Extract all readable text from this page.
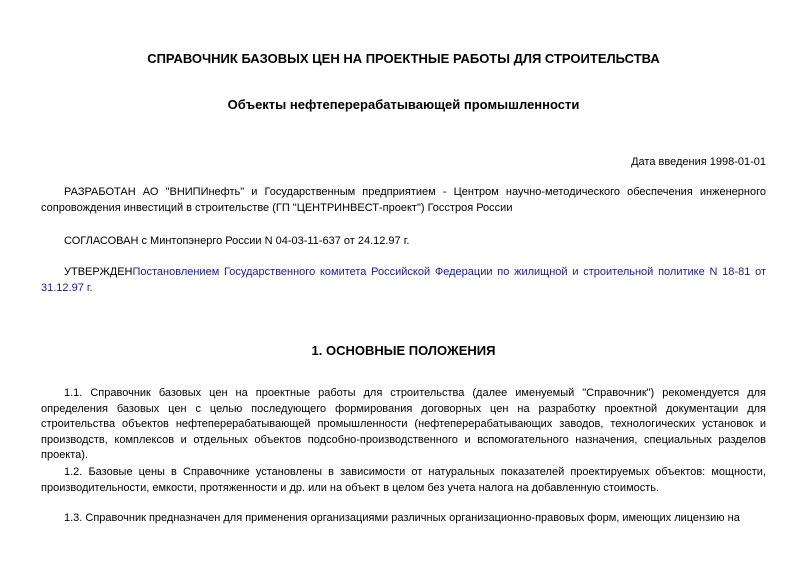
СПРАВОЧНИК БАЗОВЫХ ЦЕН НА ПРОЕКТНЫЕ РАБОТЫ ДЛЯ СТРОИТЕЛЬСТВА
Объекты нефтеперерабатывающей промышленности
Дата введения 1998-01-01
РАЗРАБОТАН АО "ВНИПИнефть" и Государственным предприятием - Центром научно-методического обеспечения инженерного сопровождения инвестиций в строительстве (ГП "ЦЕНТРИНВЕСТ-проект") Госстроя России
СОГЛАСОВАН с Минтопэнерго России N 04-03-11-637 от 24.12.97 г.
УТВЕРЖДЕНПостановлением Государственного комитета Российской Федерации по жилищной и строительной политике N 18-81 от 31.12.97 г.
1. ОСНОВНЫЕ ПОЛОЖЕНИЯ
1.1. Справочник базовых цен на проектные работы для строительства (далее именуемый "Справочник") рекомендуется для определения базовых цен с целью последующего формирования договорных цен на разработку проектной документации для строительства объектов нефтеперерабатывающей промышленности (нефтеперерабатывающих заводов, технологических установок и производств, комплексов и отдельных объектов подсобно-производственного и вспомогательного назначения, специальных разделов проекта).
1.2. Базовые цены в Справочнике установлены в зависимости от натуральных показателей проектируемых объектов: мощности, производительности, емкости, протяженности и др. или на объект в целом без учета налога на добавленную стоимость.
1.3. Справочник предназначен для применения организациями различных организационно-правовых форм, имеющих лицензию на
